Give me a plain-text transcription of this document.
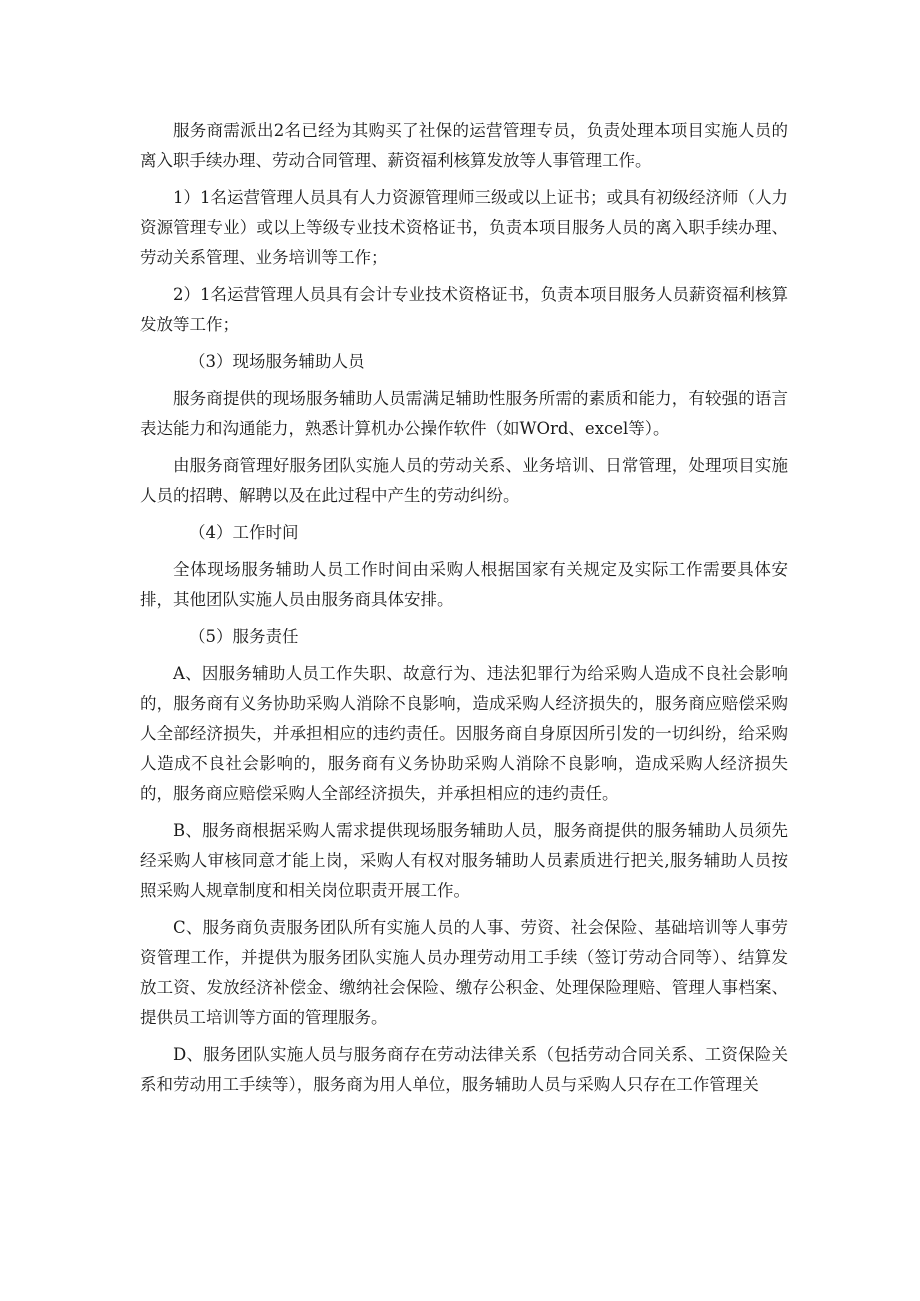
服务商需派出2名已经为其购买了社保的运营管理专员，负责处理本项目实施人员的离入职手续办理、劳动合同管理、薪资福利核算发放等人事管理工作。

1）1名运营管理人员具有人力资源管理师三级或以上证书；或具有初级经济师（人力资源管理专业）或以上等级专业技术资格证书，负责本项目服务人员的离入职手续办理、劳动关系管理、业务培训等工作；

2）1名运营管理人员具有会计专业技术资格证书，负责本项目服务人员薪资福利核算发放等工作；

（3）现场服务辅助人员

服务商提供的现场服务辅助人员需满足辅助性服务所需的素质和能力，有较强的语言表达能力和沟通能力，熟悉计算机办公操作软件（如WOrd、excel等）。

由服务商管理好服务团队实施人员的劳动关系、业务培训、日常管理，处理项目实施人员的招聘、解聘以及在此过程中产生的劳动纠纷。

（4）工作时间

全体现场服务辅助人员工作时间由采购人根据国家有关规定及实际工作需要具体安排，其他团队实施人员由服务商具体安排。

（5）服务责任

A、因服务辅助人员工作失职、故意行为、违法犯罪行为给采购人造成不良社会影响的，服务商有义务协助采购人消除不良影响，造成采购人经济损失的，服务商应赔偿采购人全部经济损失，并承担相应的违约责任。因服务商自身原因所引发的一切纠纷，给采购人造成不良社会影响的，服务商有义务协助采购人消除不良影响，造成采购人经济损失的，服务商应赔偿采购人全部经济损失，并承担相应的违约责任。

B、服务商根据采购人需求提供现场服务辅助人员，服务商提供的服务辅助人员须先经采购人审核同意才能上岗，采购人有权对服务辅助人员素质进行把关,服务辅助人员按照采购人规章制度和相关岗位职责开展工作。

C、服务商负责服务团队所有实施人员的人事、劳资、社会保险、基础培训等人事劳资管理工作，并提供为服务团队实施人员办理劳动用工手续（签订劳动合同等）、结算发放工资、发放经济补偿金、缴纳社会保险、缴存公积金、处理保险理赔、管理人事档案、提供员工培训等方面的管理服务。

D、服务团队实施人员与服务商存在劳动法律关系（包括劳动合同关系、工资保险关系和劳动用工手续等），服务商为用人单位，服务辅助人员与采购人只存在工作管理关
